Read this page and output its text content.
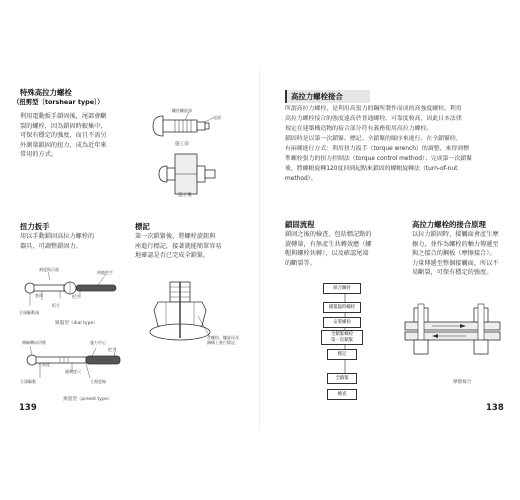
特殊高拉力螺栓
（扭剪型〔torshear type〕）
利用電動扳手鎖固後，尾部會斷
裂的螺栓，因為鎖固時較集中，
可保有穩定的強度，而且不需另
外測量鎖固的扭力，成為近年來
常用的方式。
螺栓螺旋部
尾部
施工前
施工後
扭力扳手
用以手動鎖固高拉力螺栓的
器具，可調整鎖固力。
刻度指示器
伸縮把手
套筒	把手
扳手
方頭驅動頭
錶盤型（dial type）
棘輪轉向切換	施力中心
把手
主刻度
副刻度尺
方頭驅動	主刻度線
預置型（preset type）
標記
第一次鎖緊後，將螺栓旋鈕與
座進行標記，接著就能簡單容易
地確認是否已完成全鎖緊。
在螺栓、螺旋母及
鋼構上進行標記
139
高拉力螺栓接合
所謂高拉力螺栓，是利用高張力的鋼所製作而成的高強度螺栓。利用
高拉力螺栓接合的強度遠高於普通螺栓，可靠度較高，因此日本法律
規定在建築構造物的接合部分符有義務使用高拉力螺栓。
鎖固時是以第一次鎖緊、標記、全鎖緊的順序來進行。在全鎖緊時，
有兩種進行方式：利用扭力扳手（torque wrench）的調整，來得到標
準螺栓張力的扭力控制法（torque control method）；完成第一次鎖緊
後，將螺帽旋轉120度回到起點來鎖固的螺帽旋轉法（turn-of-nut
method）。
鎖固流程
鎖固之後的檢查，包括標記點的
旋轉量，有無產生共轉效應（螺
帽與螺栓共轉），以及確認尾端
的斷裂等。
組合鋼骨
鎖緊臨時螺栓
安裝螺栓
全鎖緊螺栓
第一次鎖緊
標記
全鎖緊
檢查
高拉力螺栓的接合原理
以拉力鎖固時，接觸面會產生摩
擦力，並作為螺栓的軸力傳遞至
與之接合的鋼板（摩擦接合）。
力量傳遞至整個接觸面，所以不
易斷裂，可保有穩定的強度。
摩擦接合
138
